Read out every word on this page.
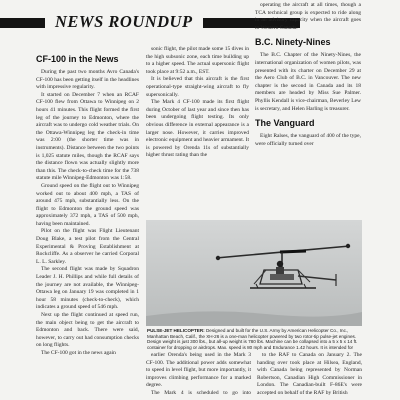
NEWS ROUNDUP
CF-100 in the News

During the past two months Avro Canada's CF-100 has been getting itself in the headlines with impressive regularity.

It started on December 7 when an RCAF CF-100 flew from Ottawa to Winnipeg on 2 hours 41 minutes. This flight formed the first leg of the journey to Edmonton, where the aircraft was to undergo cold weather trials. On the Ottawa-Winnipeg leg the check-in time was 2:00 (the shorter time was in instruments). Distance between the two points is 1,025 statute miles, though the RCAF says the distance flown was actually slightly more than this. The check-to-check time for the 738 statute mile Winnipeg-Edmonton was 1:58.

Ground speed on the flight out to Winnipeg worked out to about 400 mph, a TAS of around 475 mph, substantially less. On the flight to Edmonton the ground speed was approximately 372 mph, a TAS of 500 mph, having been maintained.

Pilot on the flight was Flight Lieutenant Doug Blake, a test pilot from the Central Experimental & Proving Establishment at Rockcliffe. As a observer he carried Corporal L. L. Sarkley.

The second flight was made by Squadron Leader J. H. Phillips and while full details of the journey are not available, the Winnipeg-Ottawa leg on January 19 was completed in 1 hour 58 minutes (check-to-check), which indicates a ground speed of 546 mph.

Next up the flight continued at speed run, the main object being to get the aircraft to Edmonton and back. There were said, however, to carry out had consumption checks on long flights.

The CF-100 got in the news again

sonic flight, the pilot made some 15 dives in the high subsonic zone, each time building up to a higher speed. The actual supersonic flight took place at 9:52 a.m., EST.

It is believed that this aircraft is the first operational-type straight-wing aircraft to fly supersonically.

The Mark 4 CF-100 made its first flight during October of last year and since then has been undergoing flight testing. Its only obvious difference in external appearance is a larger nose. However, it carries improved electronic equipment and heavier armament. It is powered by Orenda 11s of substantially higher thrust rating than the

operating the aircraft at all times, though a TCA technical group is expected to ride along in an advisory capacity when the aircraft goes to Western Canada.

B.C. Ninety-Nines

The B.C. Chapter of the Ninety-Nines, the international organization of women pilots, was presented with its charter on December 29 at the Aero Club of B.C. in Vancouver. The new chapter is the second in Canada and its 18 members are headed by Miss Sue Palmer. Phyllis Kendall is vice-chairman, Beverley Lew is secretary, and Helen Harling is treasurer.

The Vanguard

Eight Ralses, the vanguard of 400 of the type, were officially turned over

PULSE-JET HELICOPTER: Designed and built for the U.S. Army by American Helicopter Co., Inc., Manhattan Beach, Calif., the XH-26 is a one-man helicopter powered by two rotor-tip pulse-jet engines. Design weight is just 300 lbs., but all-up weight is 780 lbs. Machine can be collapsed into a 5 x 5 x 14 ft. container for dropping or airdrops. Max. speed is 80 mph and Endurance 1.42 hours. It is intended for

earlier Orenda's being used in the Mark 3 CF-100. The additional power adds somewhat to speed in level flight, but more importantly, it improves climbing performance for a marked degree.

The Mark 4 is scheduled to go into

to the RAF to Canada on January 2. The handing over took place at Hilsea, England, with Canada being represented by Norman Robertson, Canadian High Commissioner in London. The Canadian-built F-86E's were accepted on behalf of the RAF by British
